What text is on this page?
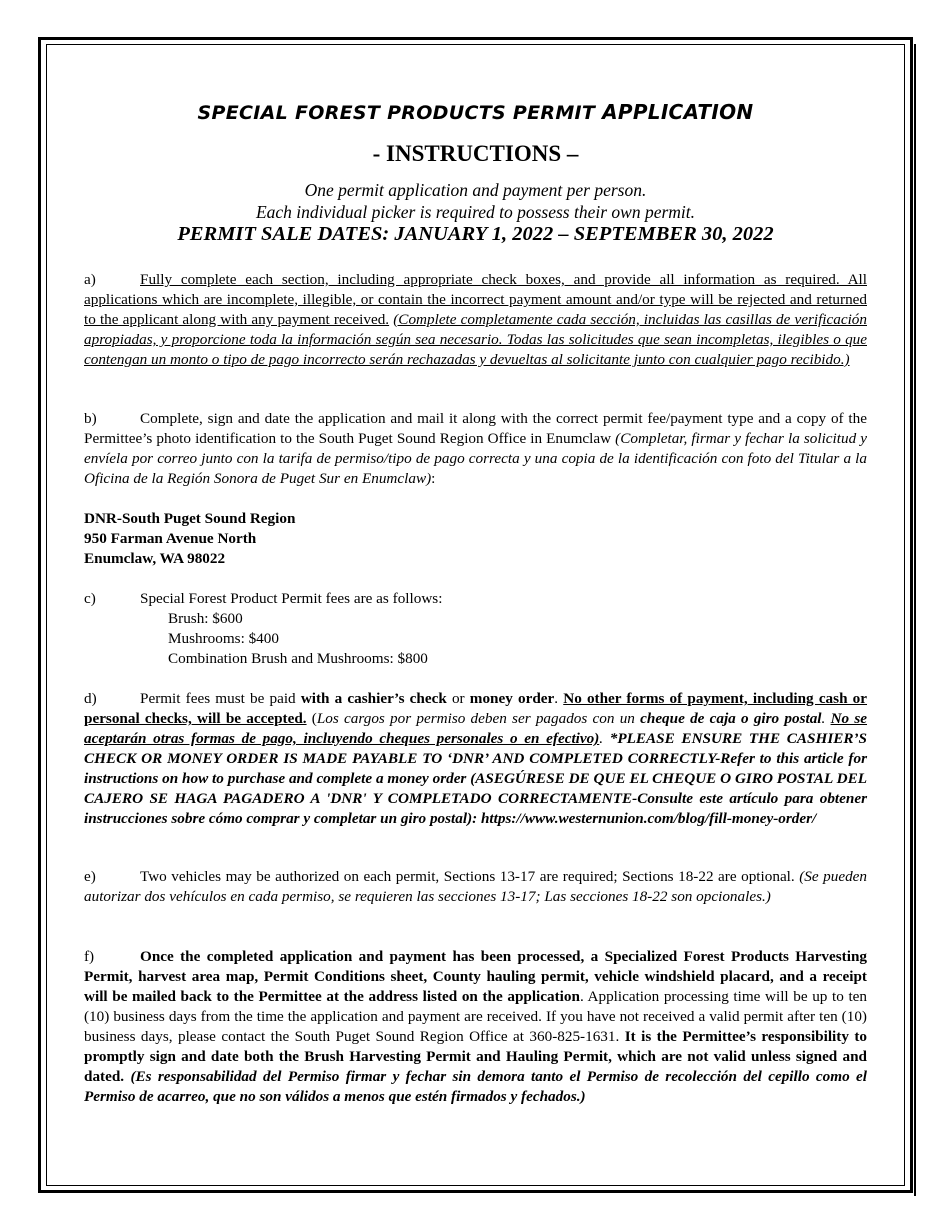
SPECIAL FOREST PRODUCTS PERMIT APPLICATION
- INSTRUCTIONS –
One permit application and payment per person.
Each individual picker is required to possess their own permit.
PERMIT SALE DATES: JANUARY 1, 2022 – SEPTEMBER 30, 2022
a)	Fully complete each section, including appropriate check boxes, and provide all information as required. All applications which are incomplete, illegible, or contain the incorrect payment amount and/or type will be rejected and returned to the applicant along with any payment received. (Complete completamente cada sección, incluidas las casillas de verificación apropiadas, y proporcione toda la información según sea necesario. Todas las solicitudes que sean incompletas, ilegibles o que contengan un monto o tipo de pago incorrecto serán rechazadas y devueltas al solicitante junto con cualquier pago recibido.)
b)	Complete, sign and date the application and mail it along with the correct permit fee/payment type and a copy of the Permittee’s photo identification to the South Puget Sound Region Office in Enumclaw (Completar, firmar y fechar la solicitud y envíela por correo junto con la tarifa de permiso/tipo de pago correcta y una copia de la identificación con foto del Titular a la Oficina de la Región Sonora de Puget Sur en Enumclaw):
DNR-South Puget Sound Region
950 Farman Avenue North
Enumclaw, WA 98022
c)	Special Forest Product Permit fees are as follows:
Brush: $600
Mushrooms: $400
Combination Brush and Mushrooms: $800
d)	Permit fees must be paid with a cashier’s check or money order. No other forms of payment, including cash or personal checks, will be accepted. (Los cargos por permiso deben ser pagados con un cheque de caja o giro postal. No se aceptarán otras formas de pago, incluyendo cheques personales o en efectivo). *PLEASE ENSURE THE CASHIER’S CHECK OR MONEY ORDER IS MADE PAYABLE TO ‘DNR’ AND COMPLETED CORRECTLY-Refer to this article for instructions on how to purchase and complete a money order (ASEGÚRESE DE QUE EL CHEQUE O GIRO POSTAL DEL CAJERO SE HAGA PAGADERO A 'DNR' Y COMPLETADO CORRECTAMENTE-Consulte este artículo para obtener instrucciones sobre cómo comprar y completar un giro postal): https://www.westernunion.com/blog/fill-money-order/
e)	Two vehicles may be authorized on each permit, Sections 13-17 are required; Sections 18-22 are optional. (Se pueden autorizar dos vehículos en cada permiso, se requieren las secciones 13-17; Las secciones 18-22 son opcionales.)
f)	Once the completed application and payment has been processed, a Specialized Forest Products Harvesting Permit, harvest area map, Permit Conditions sheet, County hauling permit, vehicle windshield placard, and a receipt will be mailed back to the Permittee at the address listed on the application. Application processing time will be up to ten (10) business days from the time the application and payment are received. If you have not received a valid permit after ten (10) business days, please contact the South Puget Sound Region Office at 360-825-1631. It is the Permittee’s responsibility to promptly sign and date both the Brush Harvesting Permit and Hauling Permit, which are not valid unless signed and dated. (Es responsabilidad del Permiso firmar y fechar sin demora tanto el Permiso de recolección del cepillo como el Permiso de acarreo, que no son válidos a menos que estén firmados y fechados.)
